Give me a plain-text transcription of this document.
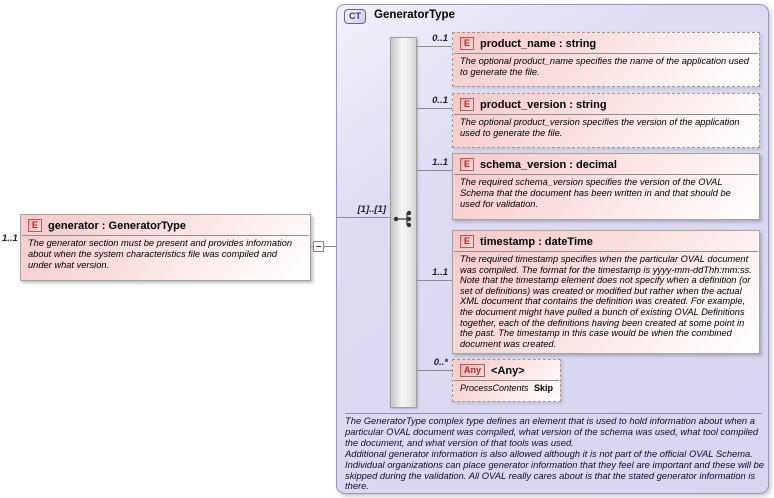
1..1
E generator : GeneratorType
The generator section must be present and provides information about when the system characteristics file was compiled and under what version.
CT	GeneratorType
[1]..[1]
0..1
0..1
1..1
1..1
0..*
E product_name : string
The optional product_name specifies the name of the application used to generate the file.
E product_version : string
The optional product_version specifies the version of the application used to generate the file.
E schema_version : decimal
The required schema_version specifies the version of the OVAL Schema that the document has been written in and that should be used for validation.
E timestamp : dateTime
The required timestamp specifies when the particular OVAL document was compiled. The format for the timestamp is yyyy-mm-ddThh:mm:ss. Note that the timestamp element does not specify when a definition (or set of definitions) was created or modified but rather when the actual XML document that contains the definition was created. For example, the document might have pulled a bunch of existing OVAL Definitions together, each of the definitions having been created at some point in the past. The timestamp in this case would be when the combined document was created.
Any <Any>
ProcessContents Skip
The GeneratorType complex type defines an element that is used to hold information about when a particular OVAL document was compiled, what version of the schema was used, what tool compiled the document, and what version of that tools was used.
Additional generator information is also allowed although it is not part of the official OVAL Schema. Individual organizations can place generator information that they feel are important and these will be skipped during the validation. All OVAL really cares about is that the stated generator information is there.
